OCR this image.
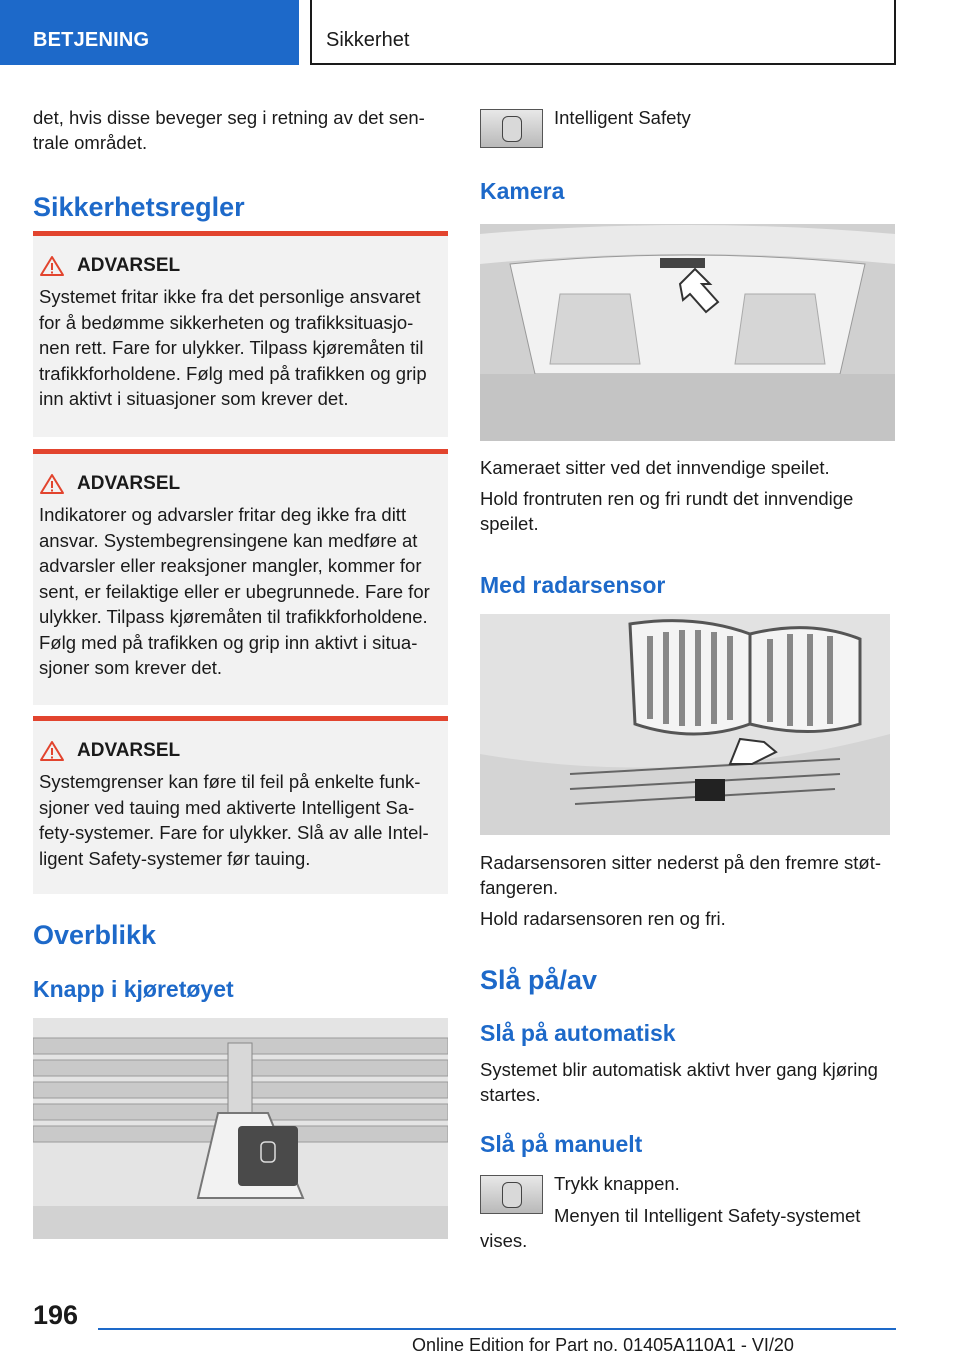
BETJENING	Sikkerhet
det, hvis disse beveger seg i retning av det sen-
trale området.
Sikkerhetsregler
ADVARSEL
Systemet fritar ikke fra det personlige ansvaret
for å bedømme sikkerheten og trafikksituasjo-
nen rett. Fare for ulykker. Tilpass kjøremåten til
trafikkforholdene. Følg med på trafikken og grip
inn aktivt i situasjoner som krever det.
ADVARSEL
Indikatorer og advarsler fritar deg ikke fra ditt
ansvar. Systembegrensingene kan medføre at
advarsler eller reaksjoner mangler, kommer for
sent, er feilaktige eller er ubegrunnede. Fare for
ulykker. Tilpass kjøremåten til trafikkforholdene.
Følg med på trafikken og grip inn aktivt i situa-
sjoner som krever det.
ADVARSEL
Systemgrenser kan føre til feil på enkelte funk-
sjoner ved tauing med aktiverte Intelligent Sa-
fety-systemer. Fare for ulykker. Slå av alle Intel-
ligent Safety-systemer før tauing.
Overblikk
Knapp i kjøretøyet
Intelligent Safety
Kamera
Kameraet sitter ved det innvendige speilet.
Hold frontruten ren og fri rundt det innvendige
speilet.
Med radarsensor
Radarsensoren sitter nederst på den fremre støt-
fangeren.
Hold radarsensoren ren og fri.
Slå på/av
Slå på automatisk
Systemet blir automatisk aktivt hver gang kjøring
startes.
Slå på manuelt
Trykk knappen.
Menyen til Intelligent Safety-systemet
vises.
196
Online Edition for Part no. 01405A110A1 - VI/20
